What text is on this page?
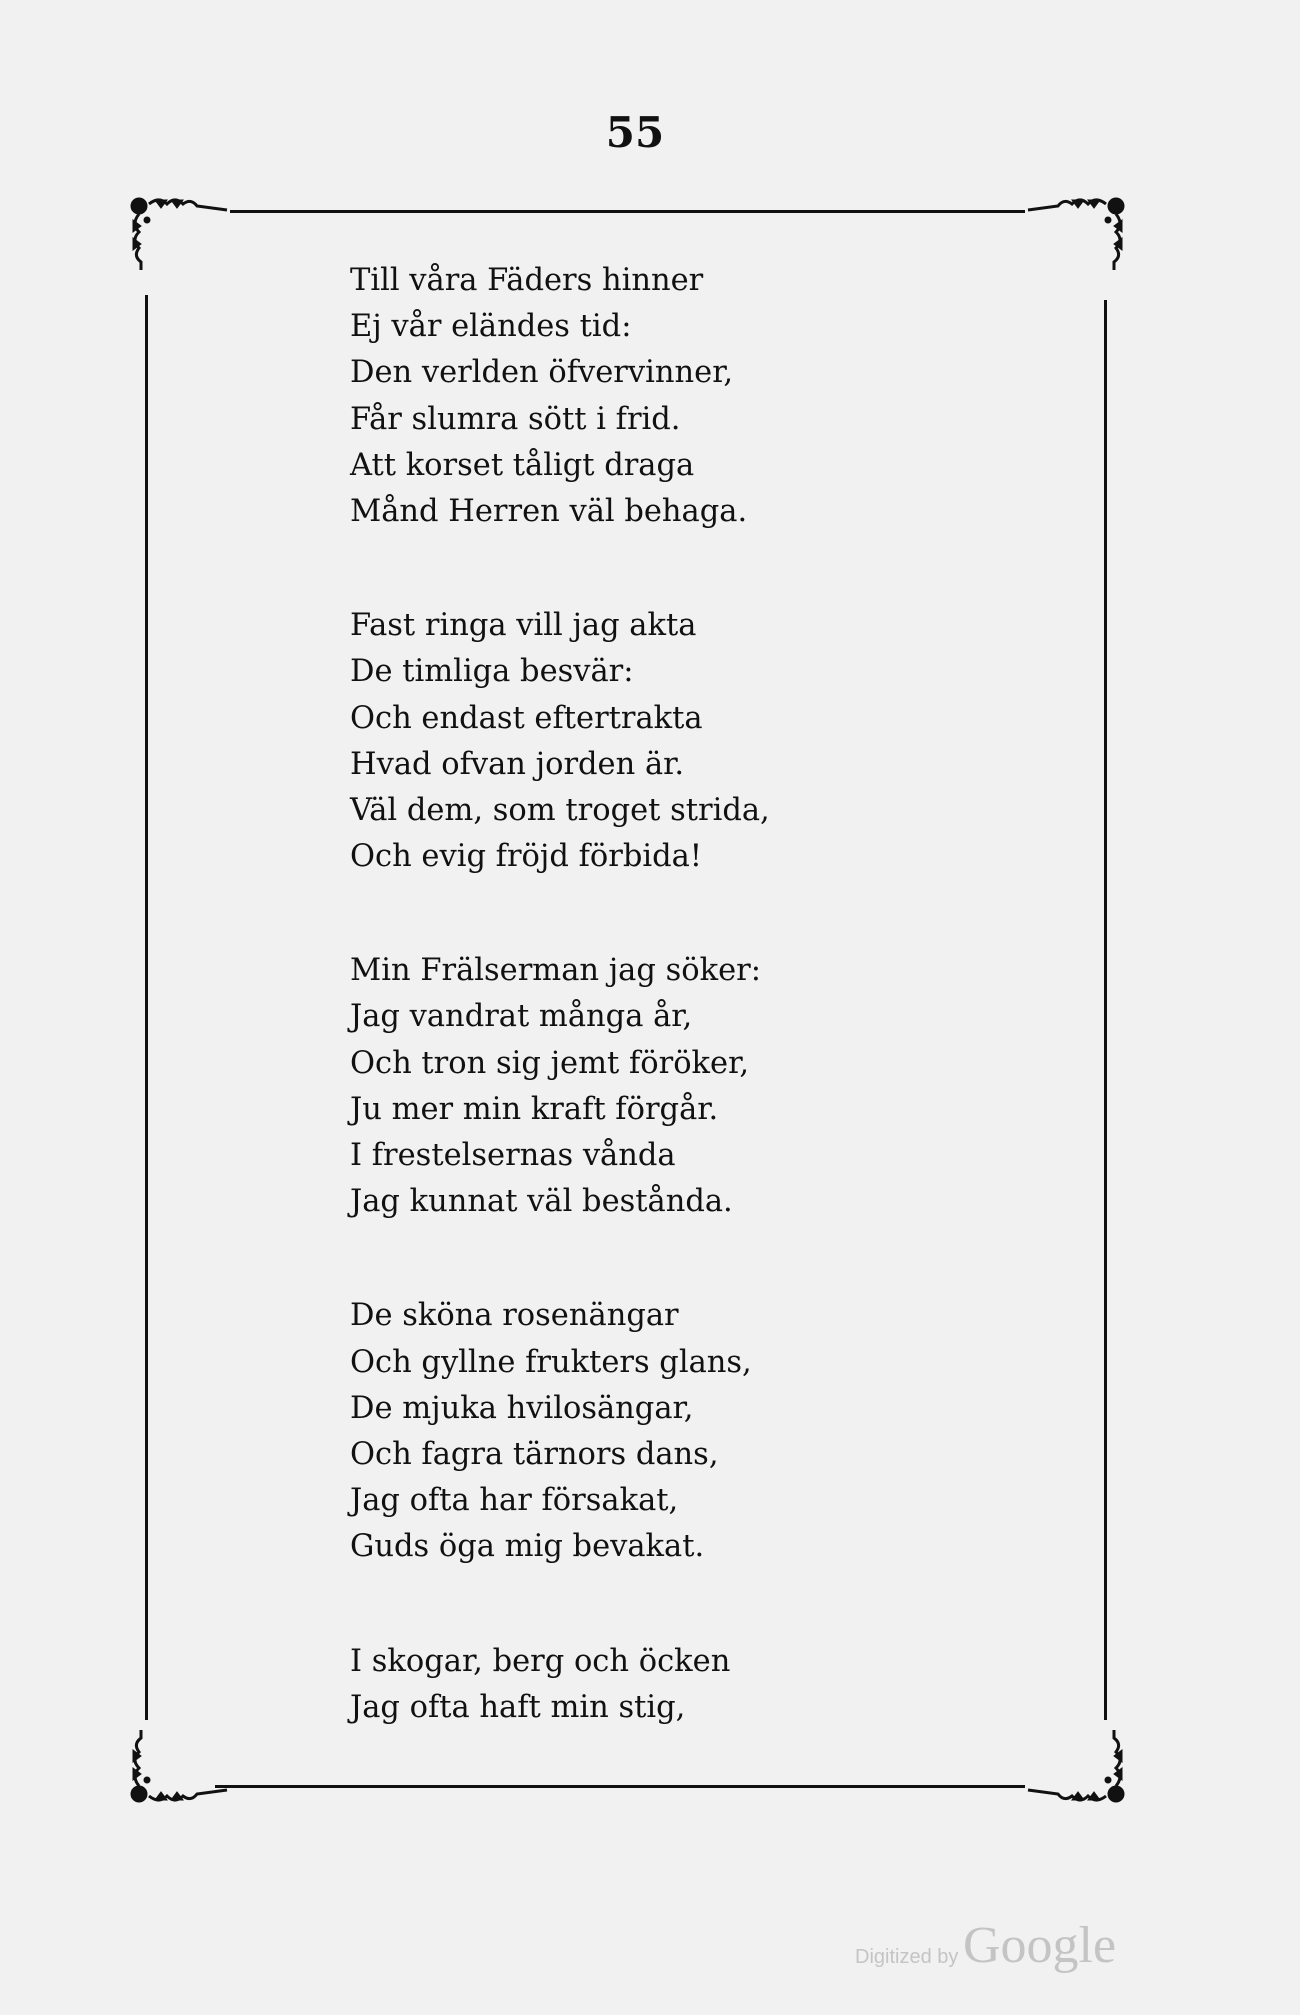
55
Till våra Fäders hinner
Ej vår eländes tid:
Den verlden öfvervinner,
Får slumra sött i frid.
Att korset tåligt draga
Månd Herren väl behaga.
Fast ringa vill jag akta
De timliga besvär:
Och endast eftertrakta
Hvad ofvan jorden är.
Väl dem, som troget strida,
Och evig fröjd förbida!
Min Frälserman jag söker:
Jag vandrat många år,
Och tron sig jemt föröker,
Ju mer min kraft förgår.
I frestelsernas vånda
Jag kunnat väl bestånda.
De sköna rosenängar
Och gyllne frukters glans,
De mjuka hvilosängar,
Och fagra tärnors dans,
Jag ofta har försakat,
Guds öga mig bevakat.
I skogar, berg och öcken
Jag ofta haft min stig,
Digitized by Google
